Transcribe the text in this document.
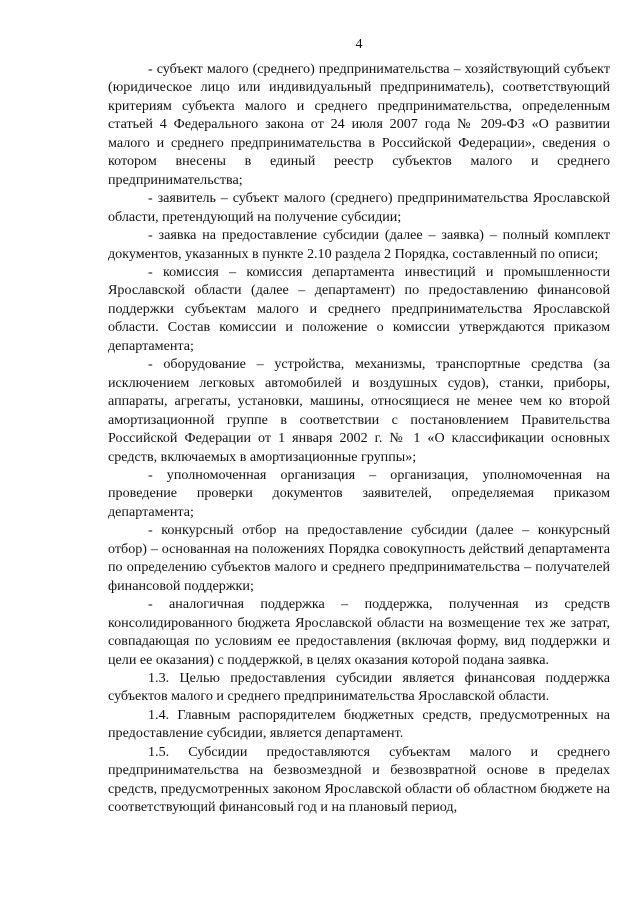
4

- субъект малого (среднего) предпринимательства – хозяйствующий субъект (юридическое лицо или индивидуальный предприниматель), соответствующий критериям субъекта малого и среднего предпринимательства, определенным статьей 4 Федерального закона от 24 июля 2007 года № 209-ФЗ «О развитии малого и среднего предпринимательства в Российской Федерации», сведения о котором внесены в единый реестр субъектов малого и среднего предпринимательства;

- заявитель – субъект малого (среднего) предпринимательства Ярославской области, претендующий на получение субсидии;

- заявка на предоставление субсидии (далее – заявка) – полный комплект документов, указанных в пункте 2.10 раздела 2 Порядка, составленный по описи;

- комиссия – комиссия департамента инвестиций и промышленности Ярославской области (далее – департамент) по предоставлению финансовой поддержки субъектам малого и среднего предпринимательства Ярославской области. Состав комиссии и положение о комиссии утверждаются приказом департамента;

- оборудование – устройства, механизмы, транспортные средства (за исключением легковых автомобилей и воздушных судов), станки, приборы, аппараты, агрегаты, установки, машины, относящиеся не менее чем ко второй амортизационной группе в соответствии с постановлением Правительства Российской Федерации от 1 января 2002 г. № 1 «О классификации основных средств, включаемых в амортизационные группы»;

- уполномоченная организация – организация, уполномоченная на проведение проверки документов заявителей, определяемая приказом департамента;

- конкурсный отбор на предоставление субсидии (далее – конкурсный отбор) – основанная на положениях Порядка совокупность действий департамента по определению субъектов малого и среднего предпринимательства – получателей финансовой поддержки;

- аналогичная поддержка – поддержка, полученная из средств консолидированного бюджета Ярославской области на возмещение тех же затрат, совпадающая по условиям ее предоставления (включая форму, вид поддержки и цели ее оказания) с поддержкой, в целях оказания которой подана заявка.

1.3. Целью предоставления субсидии является финансовая поддержка субъектов малого и среднего предпринимательства Ярославской области.

1.4. Главным распорядителем бюджетных средств, предусмотренных на предоставление субсидии, является департамент.

1.5. Субсидии предоставляются субъектам малого и среднего предпринимательства на безвозмездной и безвозвратной основе в пределах средств, предусмотренных законом Ярославской области об областном бюджете на соответствующий финансовый год и на плановый период,
